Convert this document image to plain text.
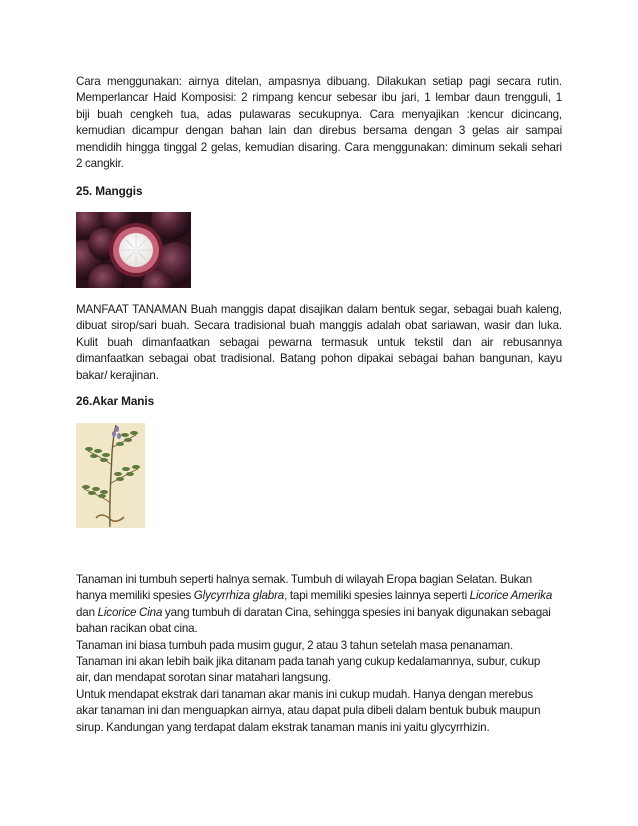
Cara menggunakan: airnya ditelan, ampasnya dibuang. Dilakukan setiap pagi secara rutin.
Memperlancar Haid Komposisi: 2 rimpang kencur sebesar ibu jari, 1 lembar daun trengguli, 1
biji buah cengkeh tua, adas pulawaras secukupnya. Cara menyajikan :kencur dicincang,
kemudian dicampur dengan bahan lain dan direbus bersama dengan 3 gelas air sampai
mendidih hingga tinggal 2 gelas, kemudian disaring. Cara menggunakan: diminum sekali sehari
2 cangkir.
25. Manggis
MANFAAT TANAMAN Buah manggis dapat disajikan dalam bentuk segar, sebagai buah kaleng,
dibuat sirop/sari buah. Secara tradisional buah manggis adalah obat sariawan, wasir dan luka.
Kulit buah dimanfaatkan sebagai pewarna termasuk untuk tekstil dan air rebusannya
dimanfaatkan sebagai obat tradisional. Batang pohon dipakai sebagai bahan bangunan, kayu
bakar/ kerajinan.
26.Akar Manis
Tanaman ini tumbuh seperti halnya semak. Tumbuh di wilayah Eropa bagian Selatan. Bukan
hanya memiliki spesies Glycyrrhiza glabra, tapi memiliki spesies lainnya seperti Licorice Amerika
dan Licorice Cina yang tumbuh di daratan Cina, sehingga spesies ini banyak digunakan sebagai
bahan racikan obat cina.
Tanaman ini biasa tumbuh pada musim gugur, 2 atau 3 tahun setelah masa penanaman.
Tanaman ini akan lebih baik jika ditanam pada tanah yang cukup kedalamannya, subur, cukup
air, dan mendapat sorotan sinar matahari langsung.
Untuk mendapat ekstrak dari tanaman akar manis ini cukup mudah. Hanya dengan merebus
akar tanaman ini dan menguapkan airnya, atau dapat pula dibeli dalam bentuk bubuk maupun
sirup. Kandungan yang terdapat dalam ekstrak tanaman manis ini yaitu glycyrrhizin.
